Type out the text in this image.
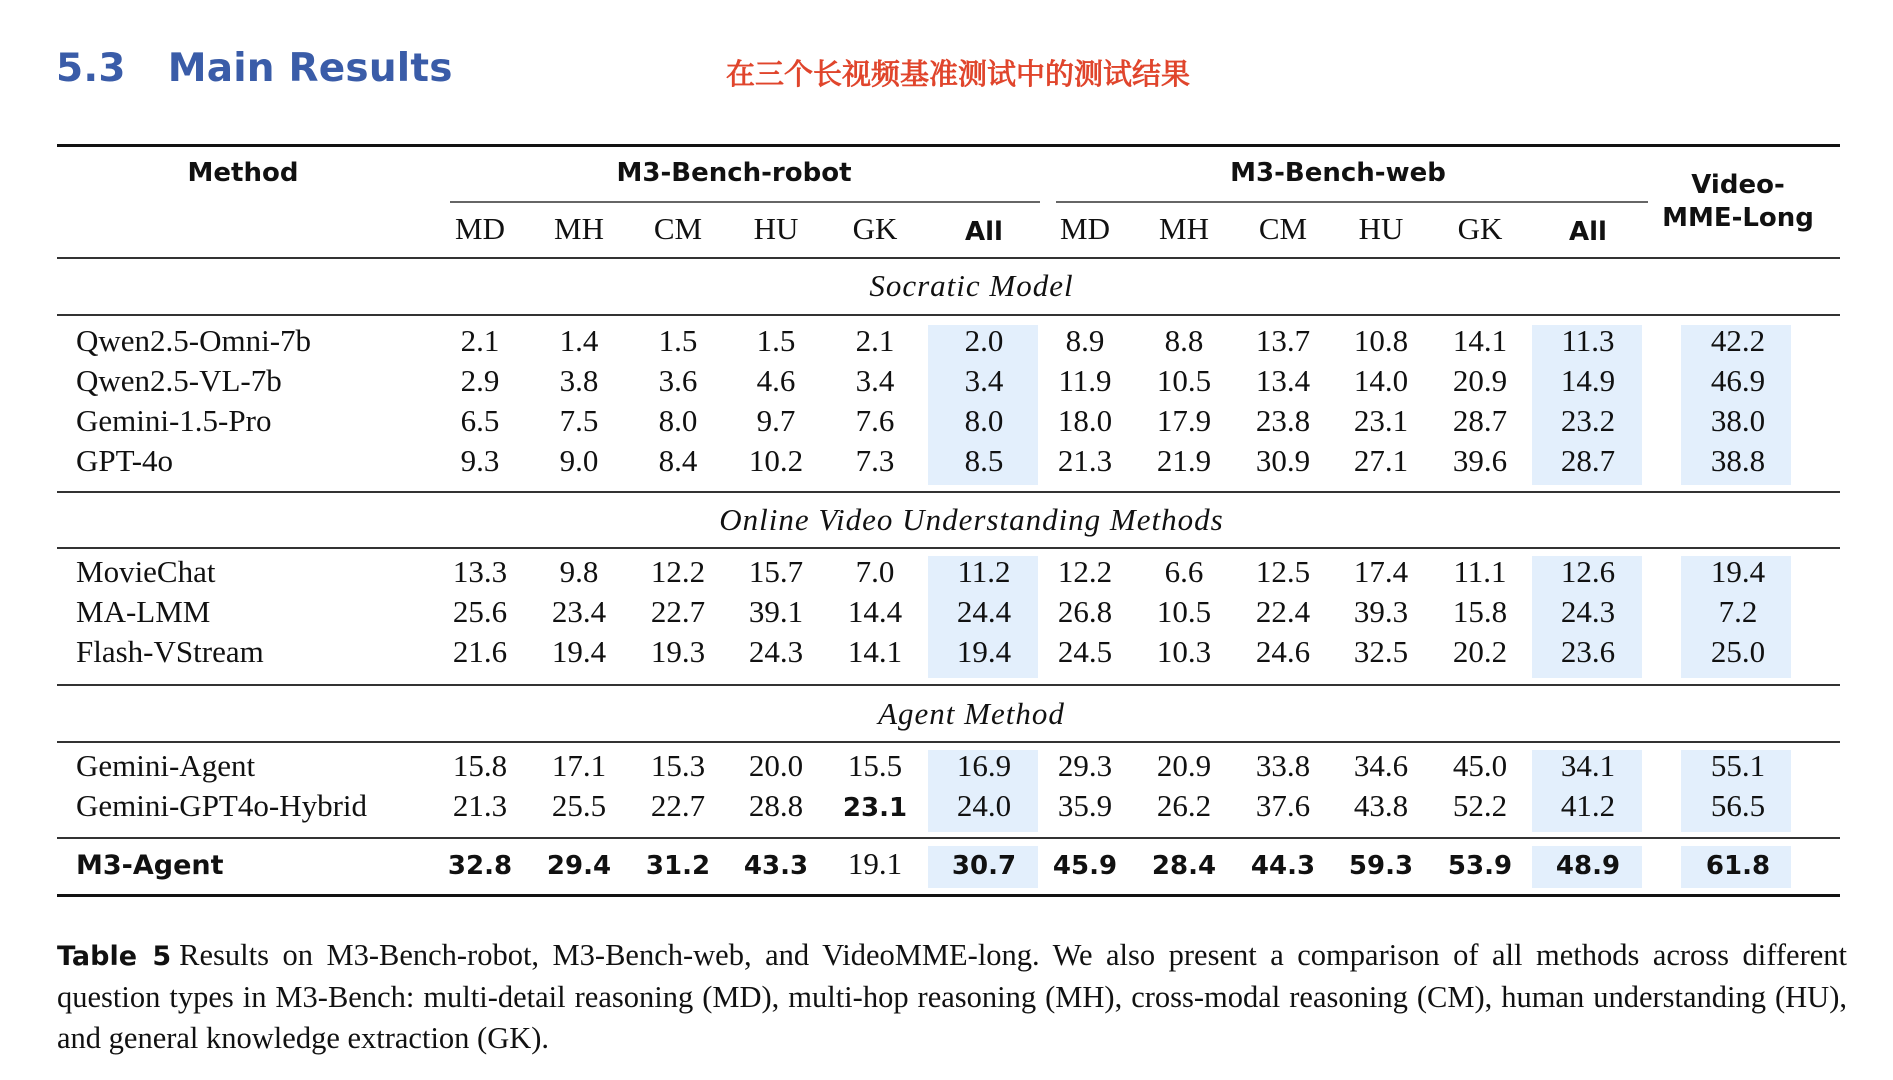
5.3 Main Results	在三个长视频基准测试中的测试结果
Method	M3-Bench-robot	M3-Bench-web	Video-
MME-Long
MD MH CM HU GK	All MD MH CM HU GK	All
Socratic Model
Qwen2.5-Omni-7b	2.1 1.4 1.5 1.5 2.1 2.0 8.9 8.8 13.7 10.8 14.1 11.3	42.2
Qwen2.5-VL-7b	2.9 3.8 3.6 4.6 3.4 3.4 11.9 10.5 13.4 14.0 20.9 14.9	46.9
Gemini-1.5-Pro	6.5 7.5 8.0 9.7 7.6 8.0 18.0 17.9 23.8 23.1 28.7 23.2	38.0
GPT-4o	9.3 9.0 8.4 10.2 7.3 8.5 21.3 21.9 30.9 27.1 39.6 28.7	38.8
Online Video Understanding Methods
MovieChat	13.3 9.8 12.2 15.7 7.0 11.2 12.2 6.6 12.5 17.4 11.1 12.6	19.4
MA-LMM	25.6 23.4 22.7 39.1 14.4 24.4 26.8 10.5 22.4 39.3 15.8 24.3	7.2
Flash-VStream	21.6 19.4 19.3 24.3 14.1 19.4 24.5 10.3 24.6 32.5 20.2 23.6	25.0
Agent Method
Gemini-Agent	15.8 17.1 15.3 20.0 15.5 16.9 29.3 20.9 33.8 34.6 45.0 34.1	55.1
Gemini-GPT4o-Hybrid	21.3 25.5 22.7 28.8 23.1 24.0 35.9 26.2 37.6 43.8 52.2 41.2	56.5
M3-Agent	32.8 29.4 31.2 43.3 19.1 30.7 45.9 28.4 44.3 59.3 53.9 48.9	61.8
Table 5 Results on M3-Bench-robot, M3-Bench-web, and VideoMME-long. We also present a comparison of all methods across different question types in M3-Bench: multi-detail reasoning (MD), multi-hop reasoning (MH), cross-modal reasoning (CM), human understanding (HU), and general knowledge extraction (GK).
